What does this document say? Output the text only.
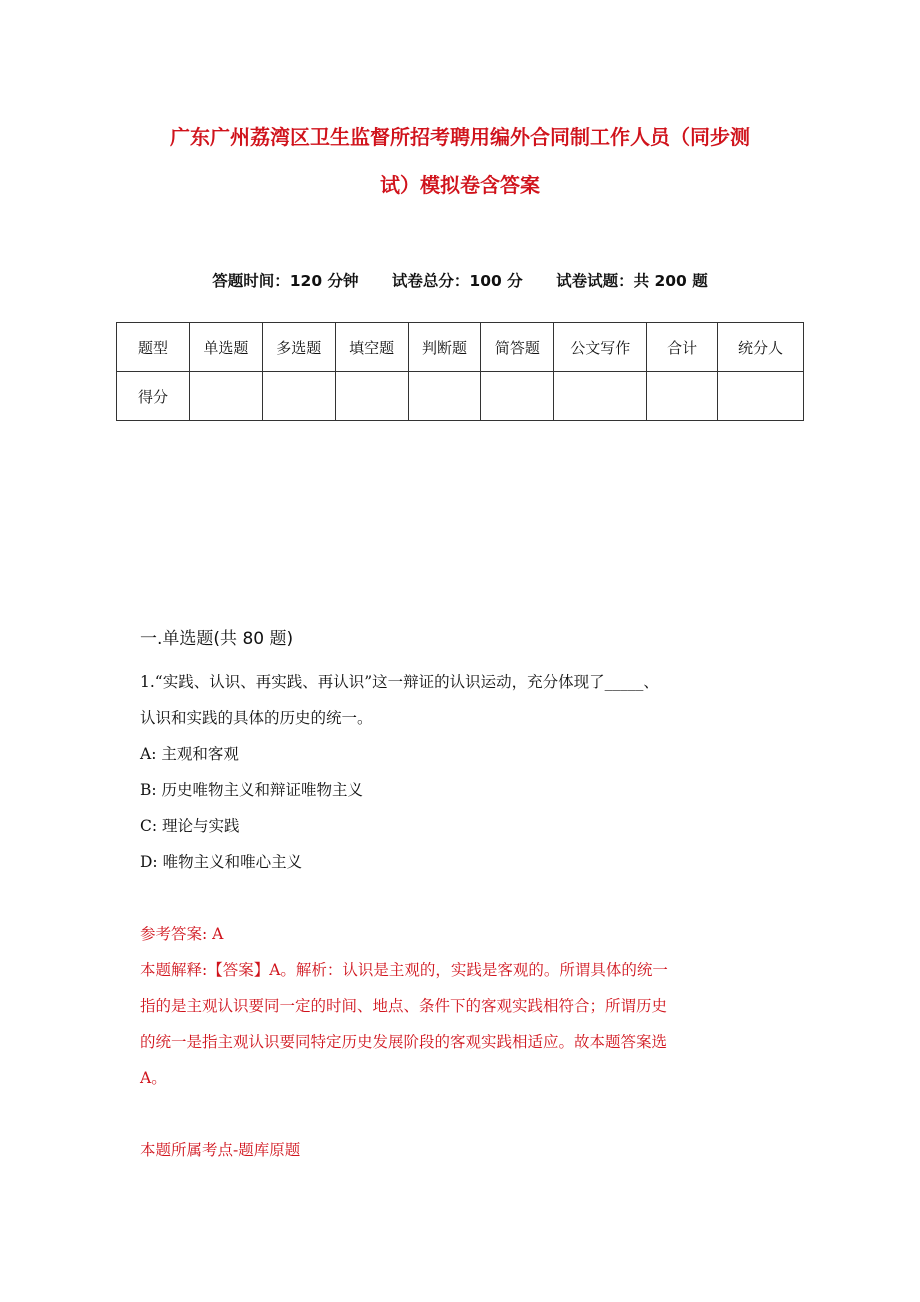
广东广州荔湾区卫生监督所招考聘用编外合同制工作人员（同步测
试）模拟卷含答案
答题时间：120 分钟 试卷总分：100 分 试卷试题：共 200 题
题型	单选题	多选题	填空题	判断题	简答题	公文写作	合计	统分人
得分								
一.单选题(共 80 题)
1.“实践、认识、再实践、再认识”这一辩证的认识运动，充分体现了_____、
认识和实践的具体的历史的统一。
A: 主观和客观
B: 历史唯物主义和辩证唯物主义
C: 理论与实践
D: 唯物主义和唯心主义
参考答案: A
本题解释:【答案】A。解析：认识是主观的，实践是客观的。所谓具体的统一
指的是主观认识要同一定的时间、地点、条件下的客观实践相符合；所谓历史
的统一是指主观认识要同特定历史发展阶段的客观实践相适应。故本题答案选
A。
本题所属考点-题库原题
